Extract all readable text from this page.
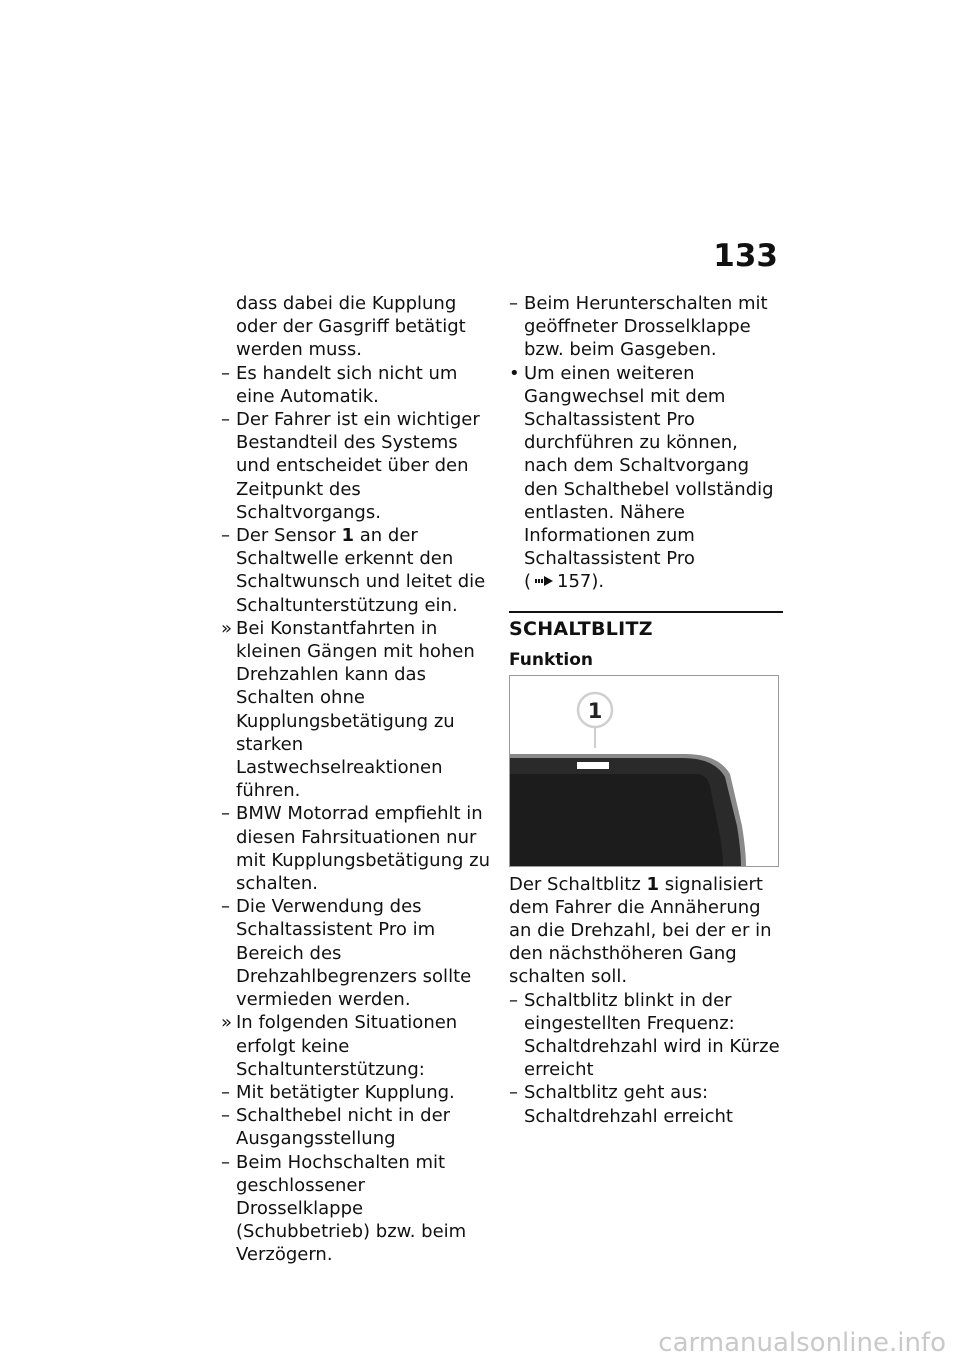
133
dass dabei die Kupplung oder der Gasgriff betätigt werden muss.
– Es handelt sich nicht um eine Automatik.
– Der Fahrer ist ein wichtiger Bestandteil des Systems und entscheidet über den Zeitpunkt des Schaltvorgangs.
– Der Sensor 1 an der Schaltwelle erkennt den Schaltwunsch und leitet die Schaltunterstützung ein.
» Bei Konstantfahrten in kleinen Gängen mit hohen Drehzahlen kann das Schalten ohne Kupplungsbetätigung zu starken Lastwechselreaktionen führen.
– BMW Motorrad empfiehlt in diesen Fahrsituationen nur mit Kupplungsbetätigung zu schalten.
– Die Verwendung des Schaltassistent Pro im Bereich des Drehzahlbegrenzers sollte vermieden werden.
» In folgenden Situationen erfolgt keine Schaltunterstützung:
– Mit betätigter Kupplung.
– Schalthebel nicht in der Ausgangsstellung
– Beim Hochschalten mit geschlossener Drosselklappe (Schubbetrieb) bzw. beim Verzögern.
– Beim Herunterschalten mit geöffneter Drosselklappe bzw. beim Gasgeben.
• Um einen weiteren Gangwechsel mit dem Schaltassistent Pro durchführen zu können, nach dem Schaltvorgang den Schalthebel vollständig entlasten. Nähere Informationen zum Schaltassistent Pro
( 157).
SCHALTBLITZ
Funktion
1
Der Schaltblitz 1 signalisiert dem Fahrer die Annäherung an die Drehzahl, bei der er in den nächsthöheren Gang schalten soll.
– Schaltblitz blinkt in der eingestellten Frequenz: Schaltdrehzahl wird in Kürze erreicht
– Schaltblitz geht aus: Schaltdrehzahl erreicht
carmanualsonline.info
